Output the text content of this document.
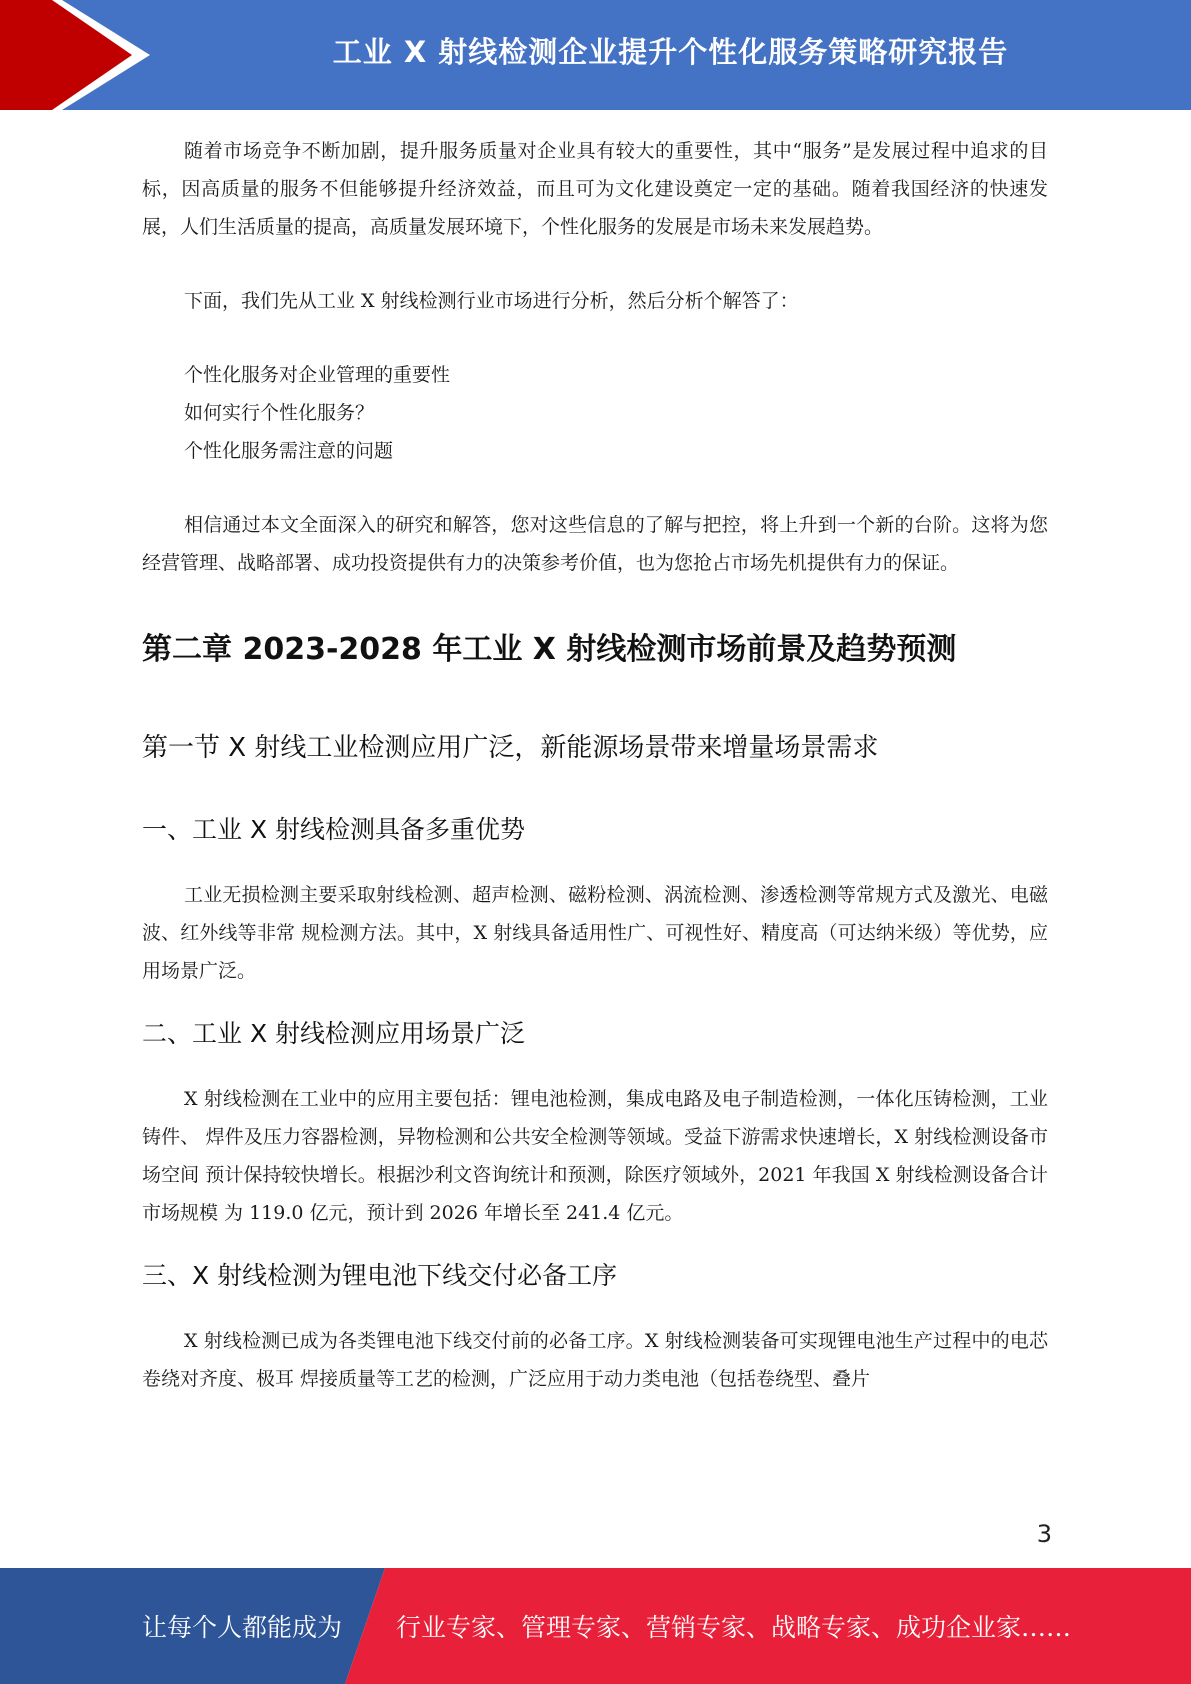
工业 X 射线检测企业提升个性化服务策略研究报告

随着市场竞争不断加剧，提升服务质量对企业具有较大的重要性，其中“服务”是发展过程中追求的目标，因高质量的服务不但能够提升经济效益，而且可为文化建设奠定一定的基础。随着我国经济的快速发展，人们生活质量的提高，高质量发展环境下，个性化服务的发展是市场未来发展趋势。

下面，我们先从工业 X 射线检测行业市场进行分析，然后分析个解答了：

个性化服务对企业管理的重要性

如何实行个性化服务？

个性化服务需注意的问题

相信通过本文全面深入的研究和解答，您对这些信息的了解与把控，将上升到一个新的台阶。这将为您经营管理、战略部署、成功投资提供有力的决策参考价值，也为您抢占市场先机提供有力的保证。

第二章 2023-2028 年工业 X 射线检测市场前景及趋势预测
第一节 X 射线工业检测应用广泛，新能源场景带来增量场景需求
一、工业 X 射线检测具备多重优势

工业无损检测主要采取射线检测、超声检测、磁粉检测、涡流检测、渗透检测等常规方式及激光、电磁波、红外线等非常 规检测方法。其中，X 射线具备适用性广、可视性好、精度高（可达纳米级）等优势，应用场景广泛。

二、工业 X 射线检测应用场景广泛

X 射线检测在工业中的应用主要包括：锂电池检测，集成电路及电子制造检测，一体化压铸检测，工业铸件、 焊件及压力容器检测，异物检测和公共安全检测等领域。受益下游需求快速增长，X 射线检测设备市场空间 预计保持较快增长。根据沙利文咨询统计和预测，除医疗领域外，2021 年我国 X 射线检测设备合计市场规模 为 119.0 亿元，预计到 2026 年增长至 241.4 亿元。

三、X 射线检测为锂电池下线交付必备工序

X 射线检测已成为各类锂电池下线交付前的必备工序。X 射线检测装备可实现锂电池生产过程中的电芯卷绕对齐度、极耳 焊接质量等工艺的检测，广泛应用于动力类电池（包括卷绕型、叠片

3
让每个人都能成为 行业专家、管理专家、营销专家、战略专家、成功企业家……
